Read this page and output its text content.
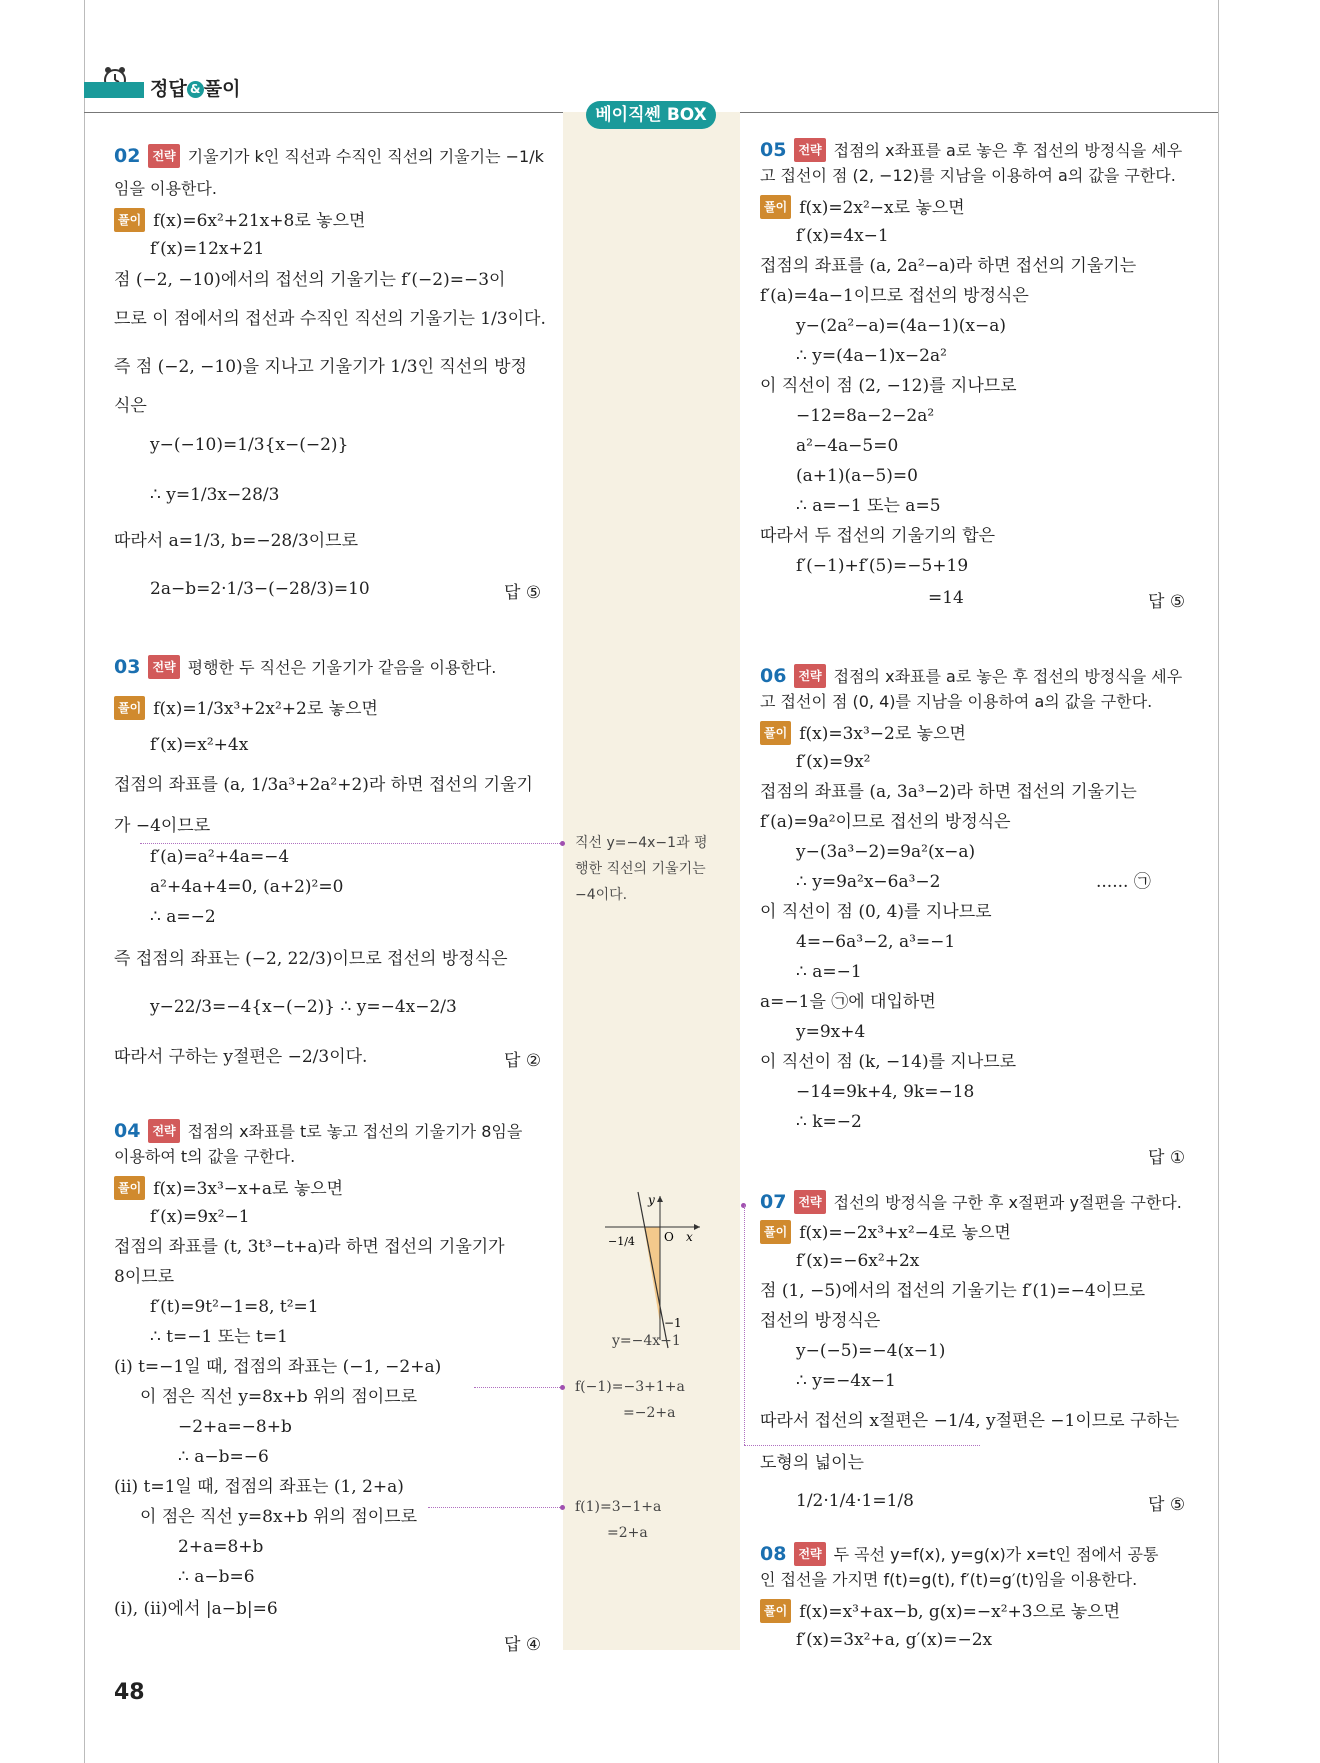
정답 & 풀이
베이직쎈 BOX
02 전략 기울기가 k인 직선과 수직인 직선의 기울기는 −1/k
임을 이용한다.
풀이 f(x)=6x²+21x+8로 놓으면
f′(x)=12x+21
점 (−2, −10)에서의 접선의 기울기는 f′(−2)=−3이
므로 이 점에서의 접선과 수직인 직선의 기울기는 1/3이다.
즉 점 (−2, −10)을 지나고 기울기가 1/3인 직선의 방정
식은
y−(−10)=1/3{x−(−2)}
∴ y=1/3x−28/3
따라서 a=1/3, b=−28/3이므로
2a−b=2·1/3−(−28/3)=10	답 ⑤
03 전략 평행한 두 직선은 기울기가 같음을 이용한다.
풀이 f(x)=1/3x³+2x²+2로 놓으면
f′(x)=x²+4x
접점의 좌표를 (a, 1/3a³+2a²+2)라 하면 접선의 기울기
가 −4이므로
f′(a)=a²+4a=−4
a²+4a+4=0, (a+2)²=0
∴ a=−2
즉 접점의 좌표는 (−2, 22/3)이므로 접선의 방정식은
y−22/3=−4{x−(−2)} ∴ y=−4x−2/3
따라서 구하는 y절편은 −2/3이다.	답 ②
04 전략 접점의 x좌표를 t로 놓고 접선의 기울기가 8임을
이용하여 t의 값을 구한다.
풀이 f(x)=3x³−x+a로 놓으면
f′(x)=9x²−1
접점의 좌표를 (t, 3t³−t+a)라 하면 접선의 기울기가
8이므로
f′(t)=9t²−1=8, t²=1
∴ t=−1 또는 t=1
(i) t=−1일 때, 접점의 좌표는 (−1, −2+a)
이 점은 직선 y=8x+b 위의 점이므로
−2+a=−8+b
∴ a−b=−6
(ii) t=1일 때, 접점의 좌표는 (1, 2+a)
이 점은 직선 y=8x+b 위의 점이므로
2+a=8+b
∴ a−b=6
(i), (ii)에서 |a−b|=6
답 ④
직선 y=−4x−1과 평
행한 직선의 기울기는
−4이다.
y
x
O
−1/4
−1
y=−4x−1
f(−1)=−3+1+a
=−2+a
f(1)=3−1+a
=2+a
05 전략 접점의 x좌표를 a로 놓은 후 접선의 방정식을 세우
고 접선이 점 (2, −12)를 지남을 이용하여 a의 값을 구한다.
풀이 f(x)=2x²−x로 놓으면
f′(x)=4x−1
접점의 좌표를 (a, 2a²−a)라 하면 접선의 기울기는
f′(a)=4a−1이므로 접선의 방정식은
y−(2a²−a)=(4a−1)(x−a)
∴ y=(4a−1)x−2a²
이 직선이 점 (2, −12)를 지나므로
−12=8a−2−2a²
a²−4a−5=0
(a+1)(a−5)=0
∴ a=−1 또는 a=5
따라서 두 접선의 기울기의 합은
f′(−1)+f′(5)=−5+19
=14	답 ⑤
06 전략 접점의 x좌표를 a로 놓은 후 접선의 방정식을 세우
고 접선이 점 (0, 4)를 지남을 이용하여 a의 값을 구한다.
풀이 f(x)=3x³−2로 놓으면
f′(x)=9x²
접점의 좌표를 (a, 3a³−2)라 하면 접선의 기울기는
f′(a)=9a²이므로 접선의 방정식은
y−(3a³−2)=9a²(x−a)
∴ y=9a²x−6a³−2	...... ㉠
이 직선이 점 (0, 4)를 지나므로
4=−6a³−2, a³=−1
∴ a=−1
a=−1을 ㉠에 대입하면
y=9x+4
이 직선이 점 (k, −14)를 지나므로
−14=9k+4, 9k=−18
∴ k=−2
답 ①
07 전략 접선의 방정식을 구한 후 x절편과 y절편을 구한다.
풀이 f(x)=−2x³+x²−4로 놓으면
f′(x)=−6x²+2x
점 (1, −5)에서의 접선의 기울기는 f′(1)=−4이므로
접선의 방정식은
y−(−5)=−4(x−1)
∴ y=−4x−1
따라서 접선의 x절편은 −1/4, y절편은 −1이므로 구하는
도형의 넓이는
1/2·1/4·1=1/8	답 ⑤
08 전략 두 곡선 y=f(x), y=g(x)가 x=t인 점에서 공통
인 접선을 가지면 f(t)=g(t), f′(t)=g′(t)임을 이용한다.
풀이 f(x)=x³+ax−b, g(x)=−x²+3으로 놓으면
f′(x)=3x²+a, g′(x)=−2x
48
